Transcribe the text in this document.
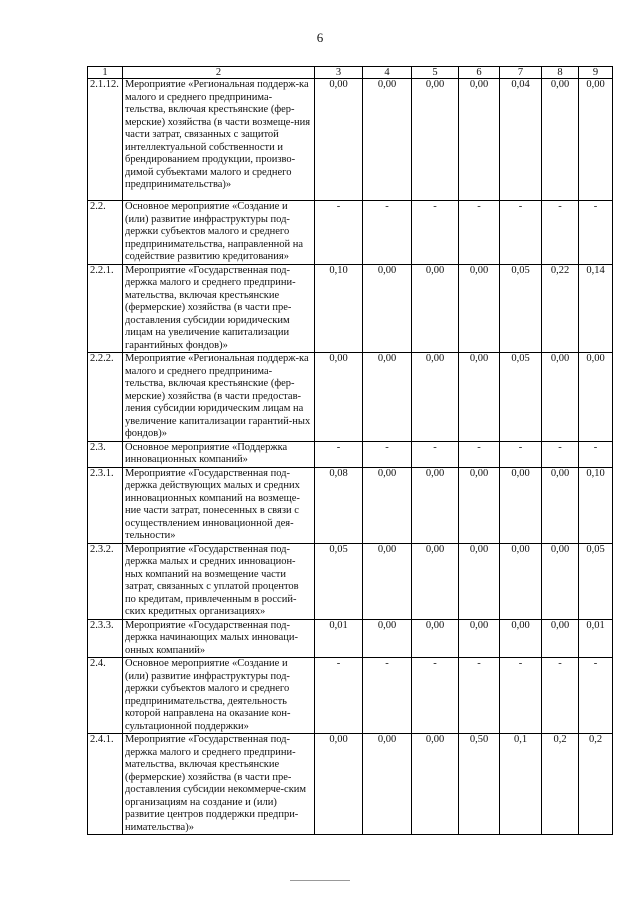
6
1	2	3	4	5	6	7	8	9
2.1.12.	Мероприятие «Региональная поддерж-ка малого и среднего предпринима-тельства, включая крестьянские (фер-мерские) хозяйства (в части возмеще-ния части затрат, связанных с защитой интеллектуальной собственности и брендированием продукции, произво-димой субъектами малого и среднего предпринимательства)»	0,00	0,00	0,00	0,00	0,04	0,00	0,00
2.2.	Основное мероприятие «Создание и (или) развитие инфраструктуры под-держки субъектов малого и среднего предпринимательства, направленной на содействие развитию кредитования»	-	-	-	-	-	-	-
2.2.1.	Мероприятие «Государственная под-держка малого и среднего предприни-мательства, включая крестьянские (фермерские) хозяйства (в части пре-доставления субсидии юридическим лицам на увеличение капитализации гарантийных фондов)»	0,10	0,00	0,00	0,00	0,05	0,22	0,14
2.2.2.	Мероприятие «Региональная поддерж-ка малого и среднего предпринима-тельства, включая крестьянские (фер-мерские) хозяйства (в части предостав-ления субсидии юридическим лицам на увеличение капитализации гарантий-ных фондов)»	0,00	0,00	0,00	0,00	0,05	0,00	0,00
2.3.	Основное мероприятие «Поддержка инновационных компаний»	-	-	-	-	-	-	-
2.3.1.	Мероприятие «Государственная под-держка действующих малых и средних инновационных компаний на возмеще-ние части затрат, понесенных в связи с осуществлением инновационной дея-тельности»	0,08	0,00	0,00	0,00	0,00	0,00	0,10
2.3.2.	Мероприятие «Государственная под-держка малых и средних инновацион-ных компаний на возмещение части затрат, связанных с уплатой процентов по кредитам, привлеченным в россий-ских кредитных организациях»	0,05	0,00	0,00	0,00	0,00	0,00	0,05
2.3.3.	Мероприятие «Государственная под-держка начинающих малых инноваци-онных компаний»	0,01	0,00	0,00	0,00	0,00	0,00	0,01
2.4.	Основное мероприятие «Создание и (или) развитие инфраструктуры под-держки субъектов малого и среднего предпринимательства, деятельность которой направлена на оказание кон-сультационной поддержки»	-	-	-	-	-	-	-
2.4.1.	Мероприятие «Государственная под-держка малого и среднего предприни-мательства, включая крестьянские (фермерские) хозяйства (в части пре-доставления субсидии некоммерче-ским организациям на создание и (или) развитие центров поддержки предпри-нимательства)»	0,00	0,00	0,00	0,50	0,1	0,2	0,2
